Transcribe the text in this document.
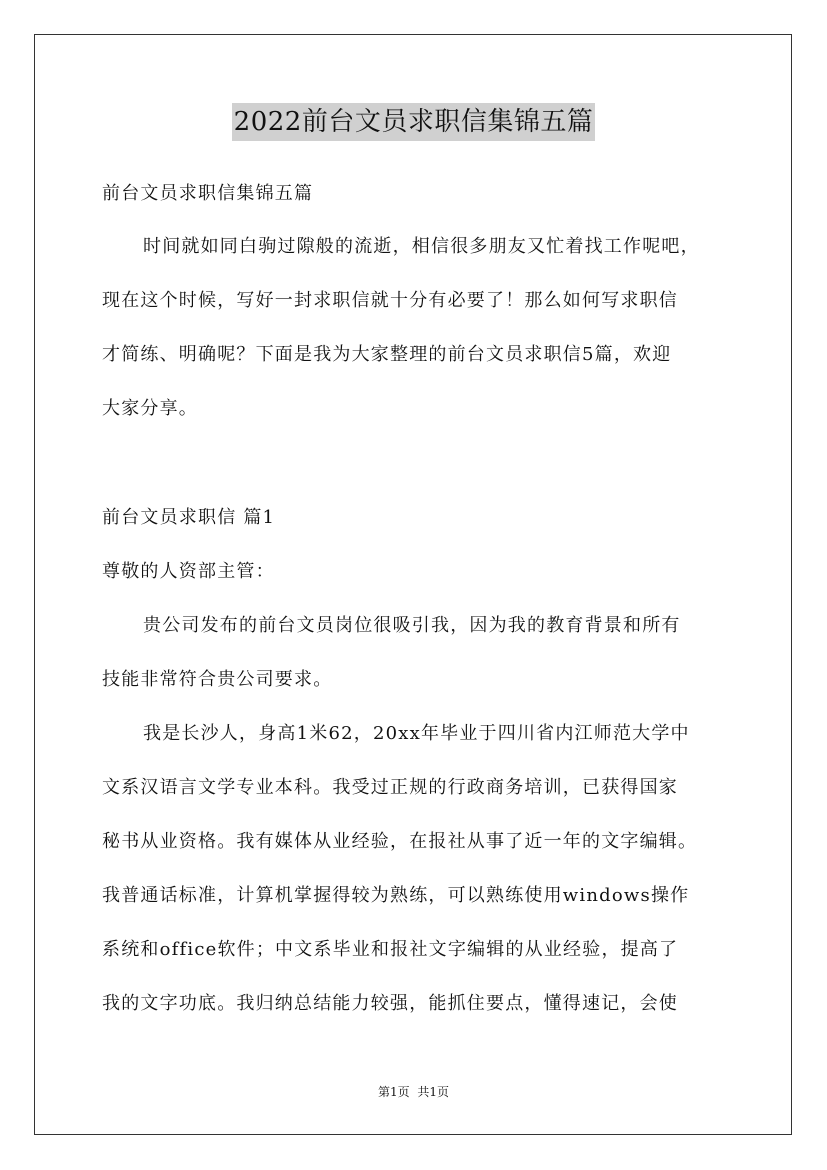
2022前台文员求职信集锦五篇
前台文员求职信集锦五篇
时间就如同白驹过隙般的流逝，相信很多朋友又忙着找工作呢吧，
现在这个时候，写好一封求职信就十分有必要了！那么如何写求职信
才简练、明确呢？下面是我为大家整理的前台文员求职信5篇，欢迎
大家分享。
前台文员求职信 篇1
尊敬的人资部主管：
贵公司发布的前台文员岗位很吸引我，因为我的教育背景和所有
技能非常符合贵公司要求。
我是长沙人，身高1米62，20xx年毕业于四川省内江师范大学中
文系汉语言文学专业本科。我受过正规的行政商务培训，已获得国家
秘书从业资格。我有媒体从业经验，在报社从事了近一年的文字编辑。
我普通话标准，计算机掌握得较为熟练，可以熟练使用windows操作
系统和office软件；中文系毕业和报社文字编辑的从业经验，提高了
我的文字功底。我归纳总结能力较强，能抓住要点，懂得速记，会使
第1页 共1页
